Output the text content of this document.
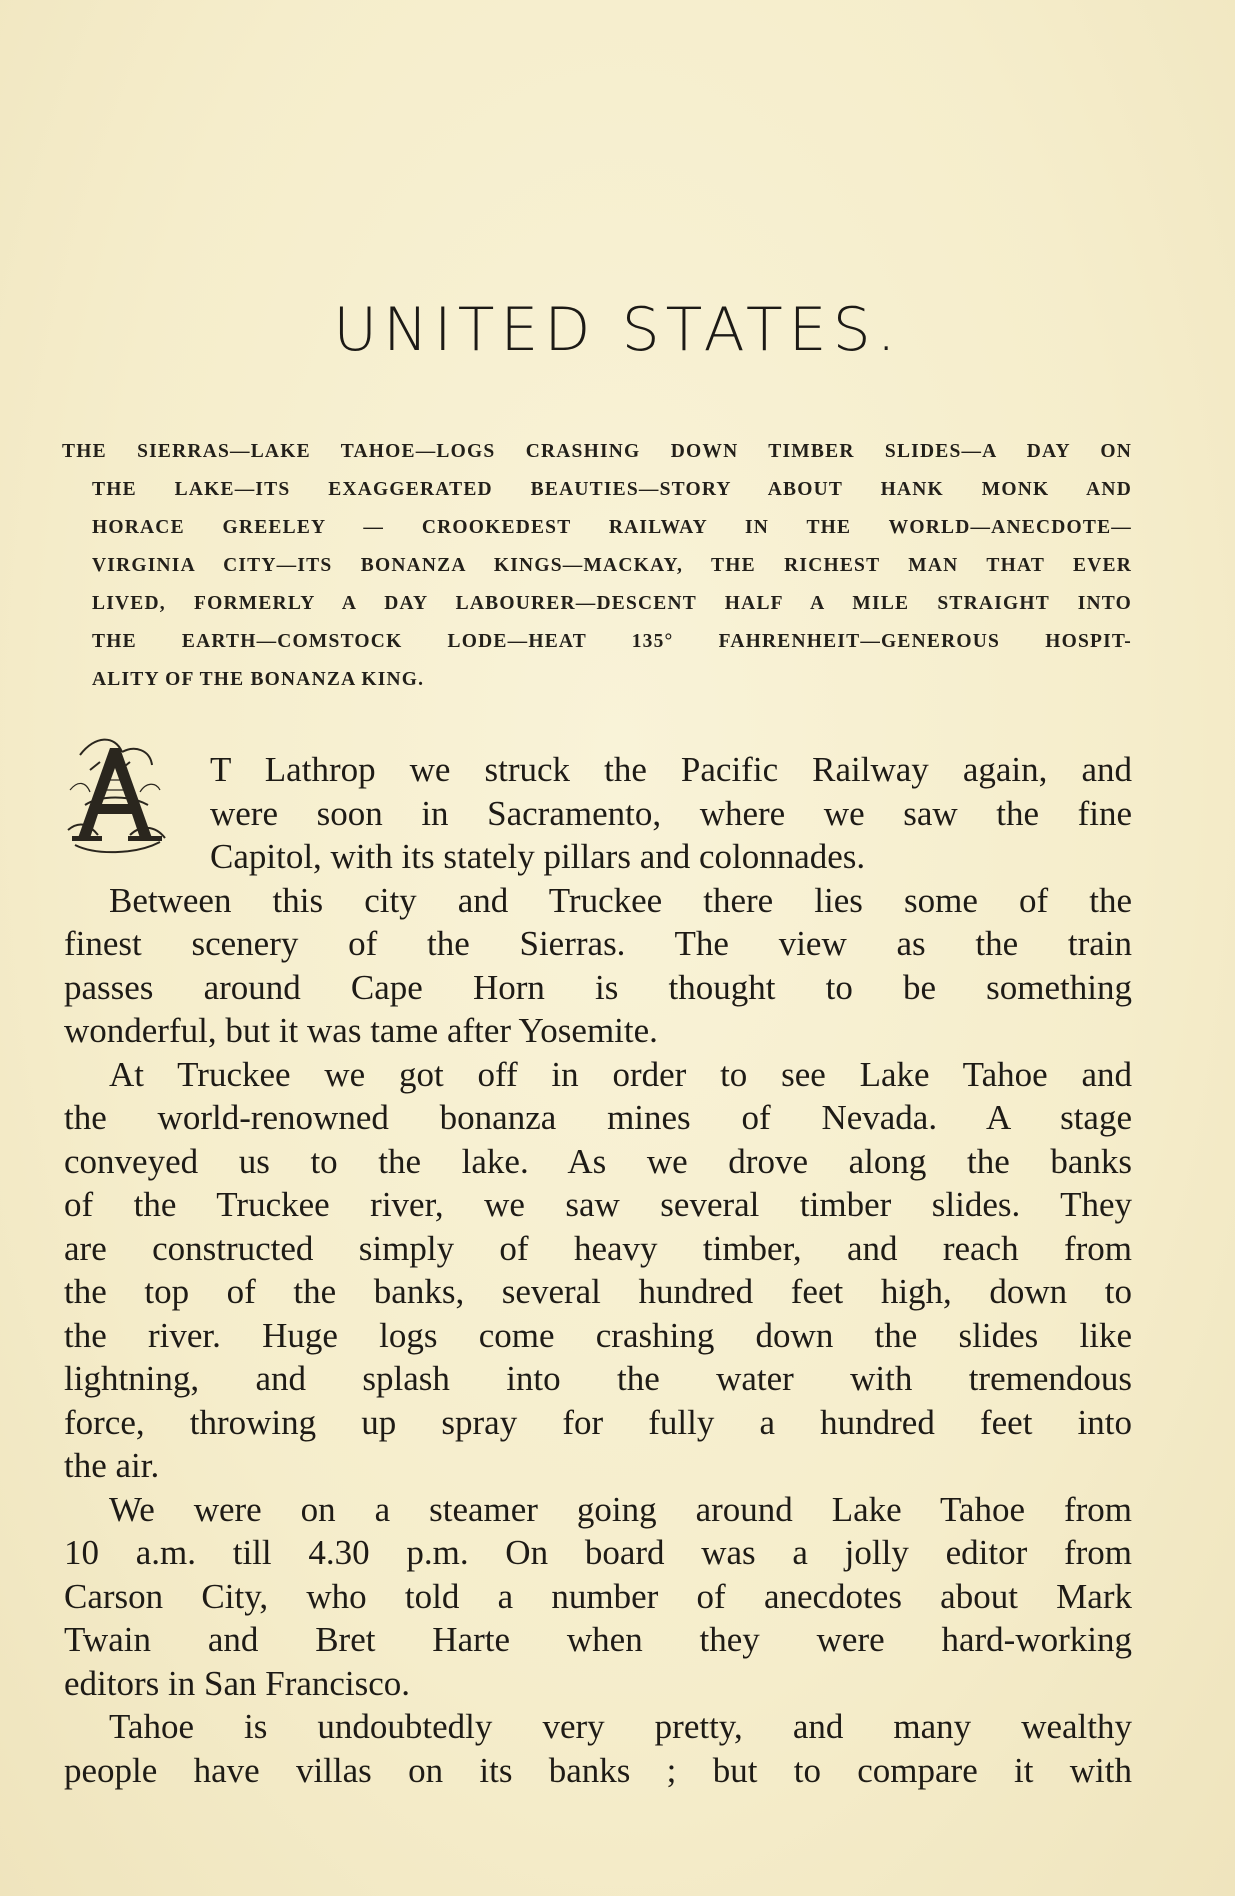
UNITED STATES.
THE SIERRAS—LAKE TAHOE—LOGS CRASHING DOWN TIMBER SLIDES—A DAY ON
THE LAKE—ITS EXAGGERATED BEAUTIES—STORY ABOUT HANK MONK AND
HORACE GREELEY — CROOKEDEST RAILWAY IN THE WORLD—ANECDOTE—
VIRGINIA CITY—ITS BONANZA KINGS—MACKAY, THE RICHEST MAN THAT EVER
LIVED, FORMERLY A DAY LABOURER—DESCENT HALF A MILE STRAIGHT INTO
THE EARTH—COMSTOCK LODE—HEAT 135° FAHRENHEIT—GENEROUS HOSPIT-
ALITY OF THE BONANZA KING.
T Lathrop we struck the Pacific Railway again, and
were soon in Sacramento, where we saw the fine
Capitol, with its stately pillars and colonnades.
Between this city and Truckee there lies some of the
finest scenery of the Sierras. The view as the train
passes around Cape Horn is thought to be something
wonderful, but it was tame after Yosemite.
At Truckee we got off in order to see Lake Tahoe and
the world-renowned bonanza mines of Nevada. A stage
conveyed us to the lake. As we drove along the banks
of the Truckee river, we saw several timber slides. They
are constructed simply of heavy timber, and reach from
the top of the banks, several hundred feet high, down to
the river. Huge logs come crashing down the slides like
lightning, and splash into the water with tremendous
force, throwing up spray for fully a hundred feet into
the air.
We were on a steamer going around Lake Tahoe from
10 a.m. till 4.30 p.m. On board was a jolly editor from
Carson City, who told a number of anecdotes about Mark
Twain and Bret Harte when they were hard-working
editors in San Francisco.
Tahoe is undoubtedly very pretty, and many wealthy
people have villas on its banks ; but to compare it with
